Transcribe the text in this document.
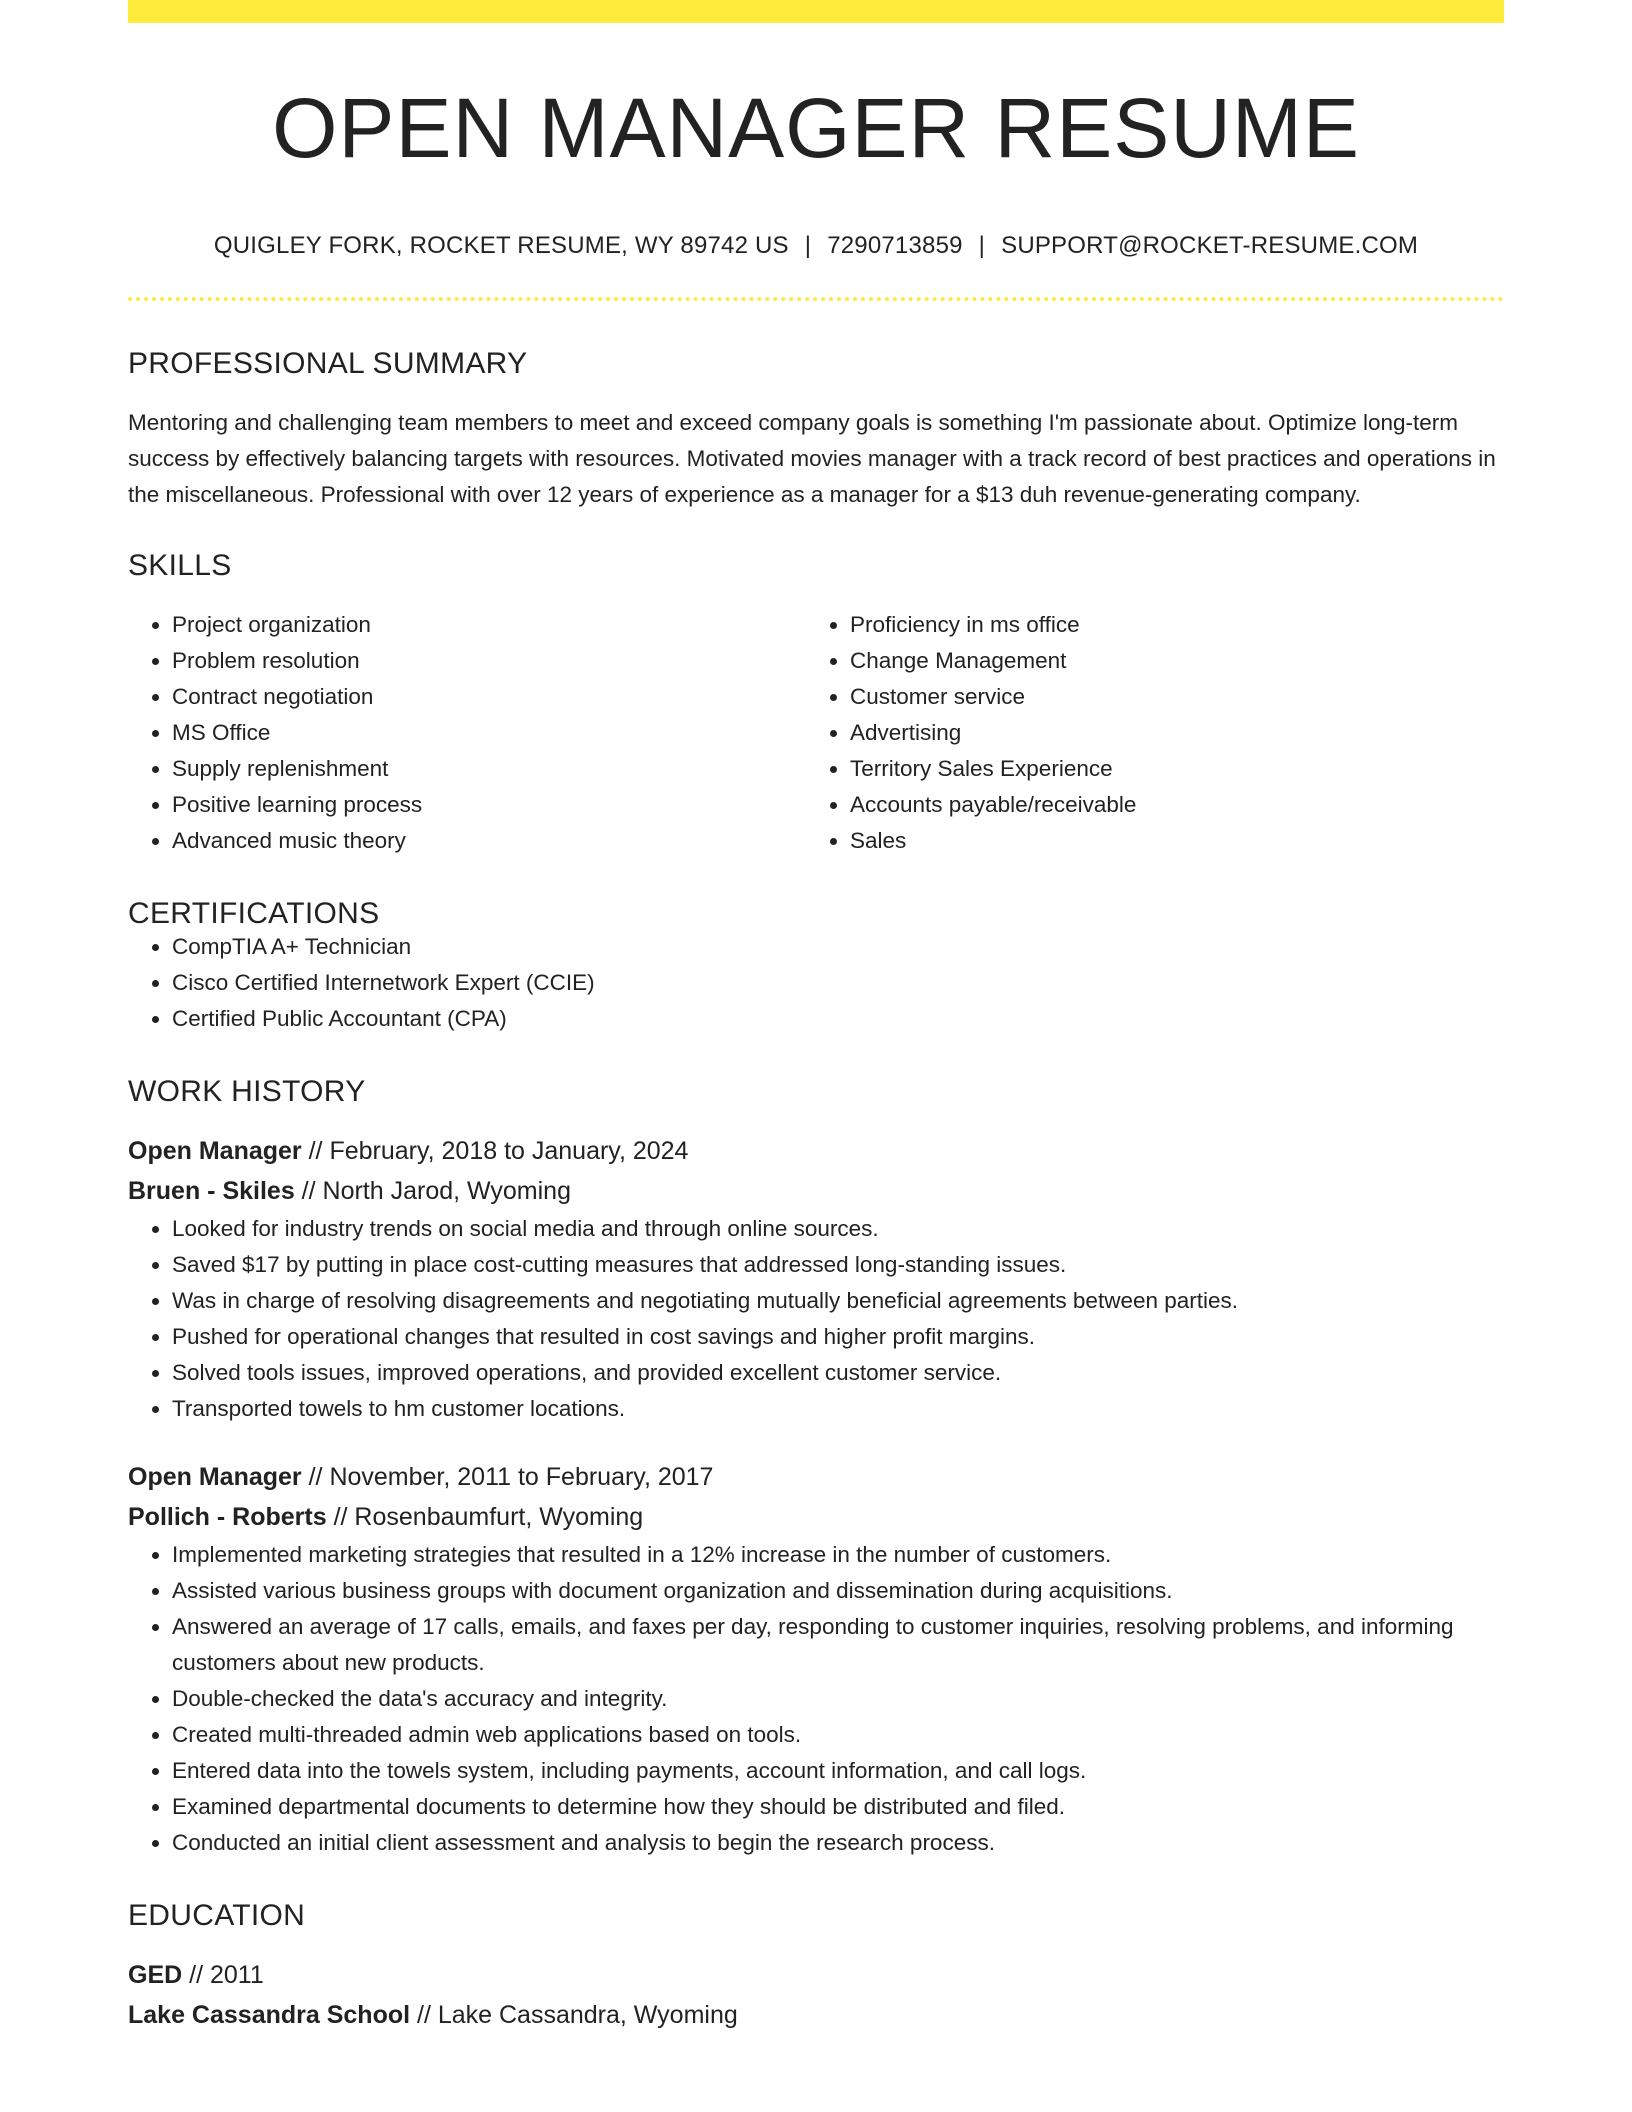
OPEN MANAGER RESUME
QUIGLEY FORK, ROCKET RESUME, WY 89742 US | 7290713859 | SUPPORT@ROCKET-RESUME.COM
PROFESSIONAL SUMMARY
Mentoring and challenging team members to meet and exceed company goals is something I'm passionate about. Optimize long-term success by effectively balancing targets with resources. Motivated movies manager with a track record of best practices and operations in the miscellaneous. Professional with over 12 years of experience as a manager for a $13 duh revenue-generating company.
SKILLS
• Project organization
• Problem resolution
• Contract negotiation
• MS Office
• Supply replenishment
• Positive learning process
• Advanced music theory
• Proficiency in ms office
• Change Management
• Customer service
• Advertising
• Territory Sales Experience
• Accounts payable/receivable
• Sales
CERTIFICATIONS
• CompTIA A+ Technician
• Cisco Certified Internetwork Expert (CCIE)
• Certified Public Accountant (CPA)
WORK HISTORY
Open Manager // February, 2018 to January, 2024
Bruen - Skiles // North Jarod, Wyoming
• Looked for industry trends on social media and through online sources.
• Saved $17 by putting in place cost-cutting measures that addressed long-standing issues.
• Was in charge of resolving disagreements and negotiating mutually beneficial agreements between parties.
• Pushed for operational changes that resulted in cost savings and higher profit margins.
• Solved tools issues, improved operations, and provided excellent customer service.
• Transported towels to hm customer locations.
Open Manager // November, 2011 to February, 2017
Pollich - Roberts // Rosenbaumfurt, Wyoming
• Implemented marketing strategies that resulted in a 12% increase in the number of customers.
• Assisted various business groups with document organization and dissemination during acquisitions.
• Answered an average of 17 calls, emails, and faxes per day, responding to customer inquiries, resolving problems, and informing customers about new products.
• Double-checked the data's accuracy and integrity.
• Created multi-threaded admin web applications based on tools.
• Entered data into the towels system, including payments, account information, and call logs.
• Examined departmental documents to determine how they should be distributed and filed.
• Conducted an initial client assessment and analysis to begin the research process.
EDUCATION
GED // 2011
Lake Cassandra School // Lake Cassandra, Wyoming
